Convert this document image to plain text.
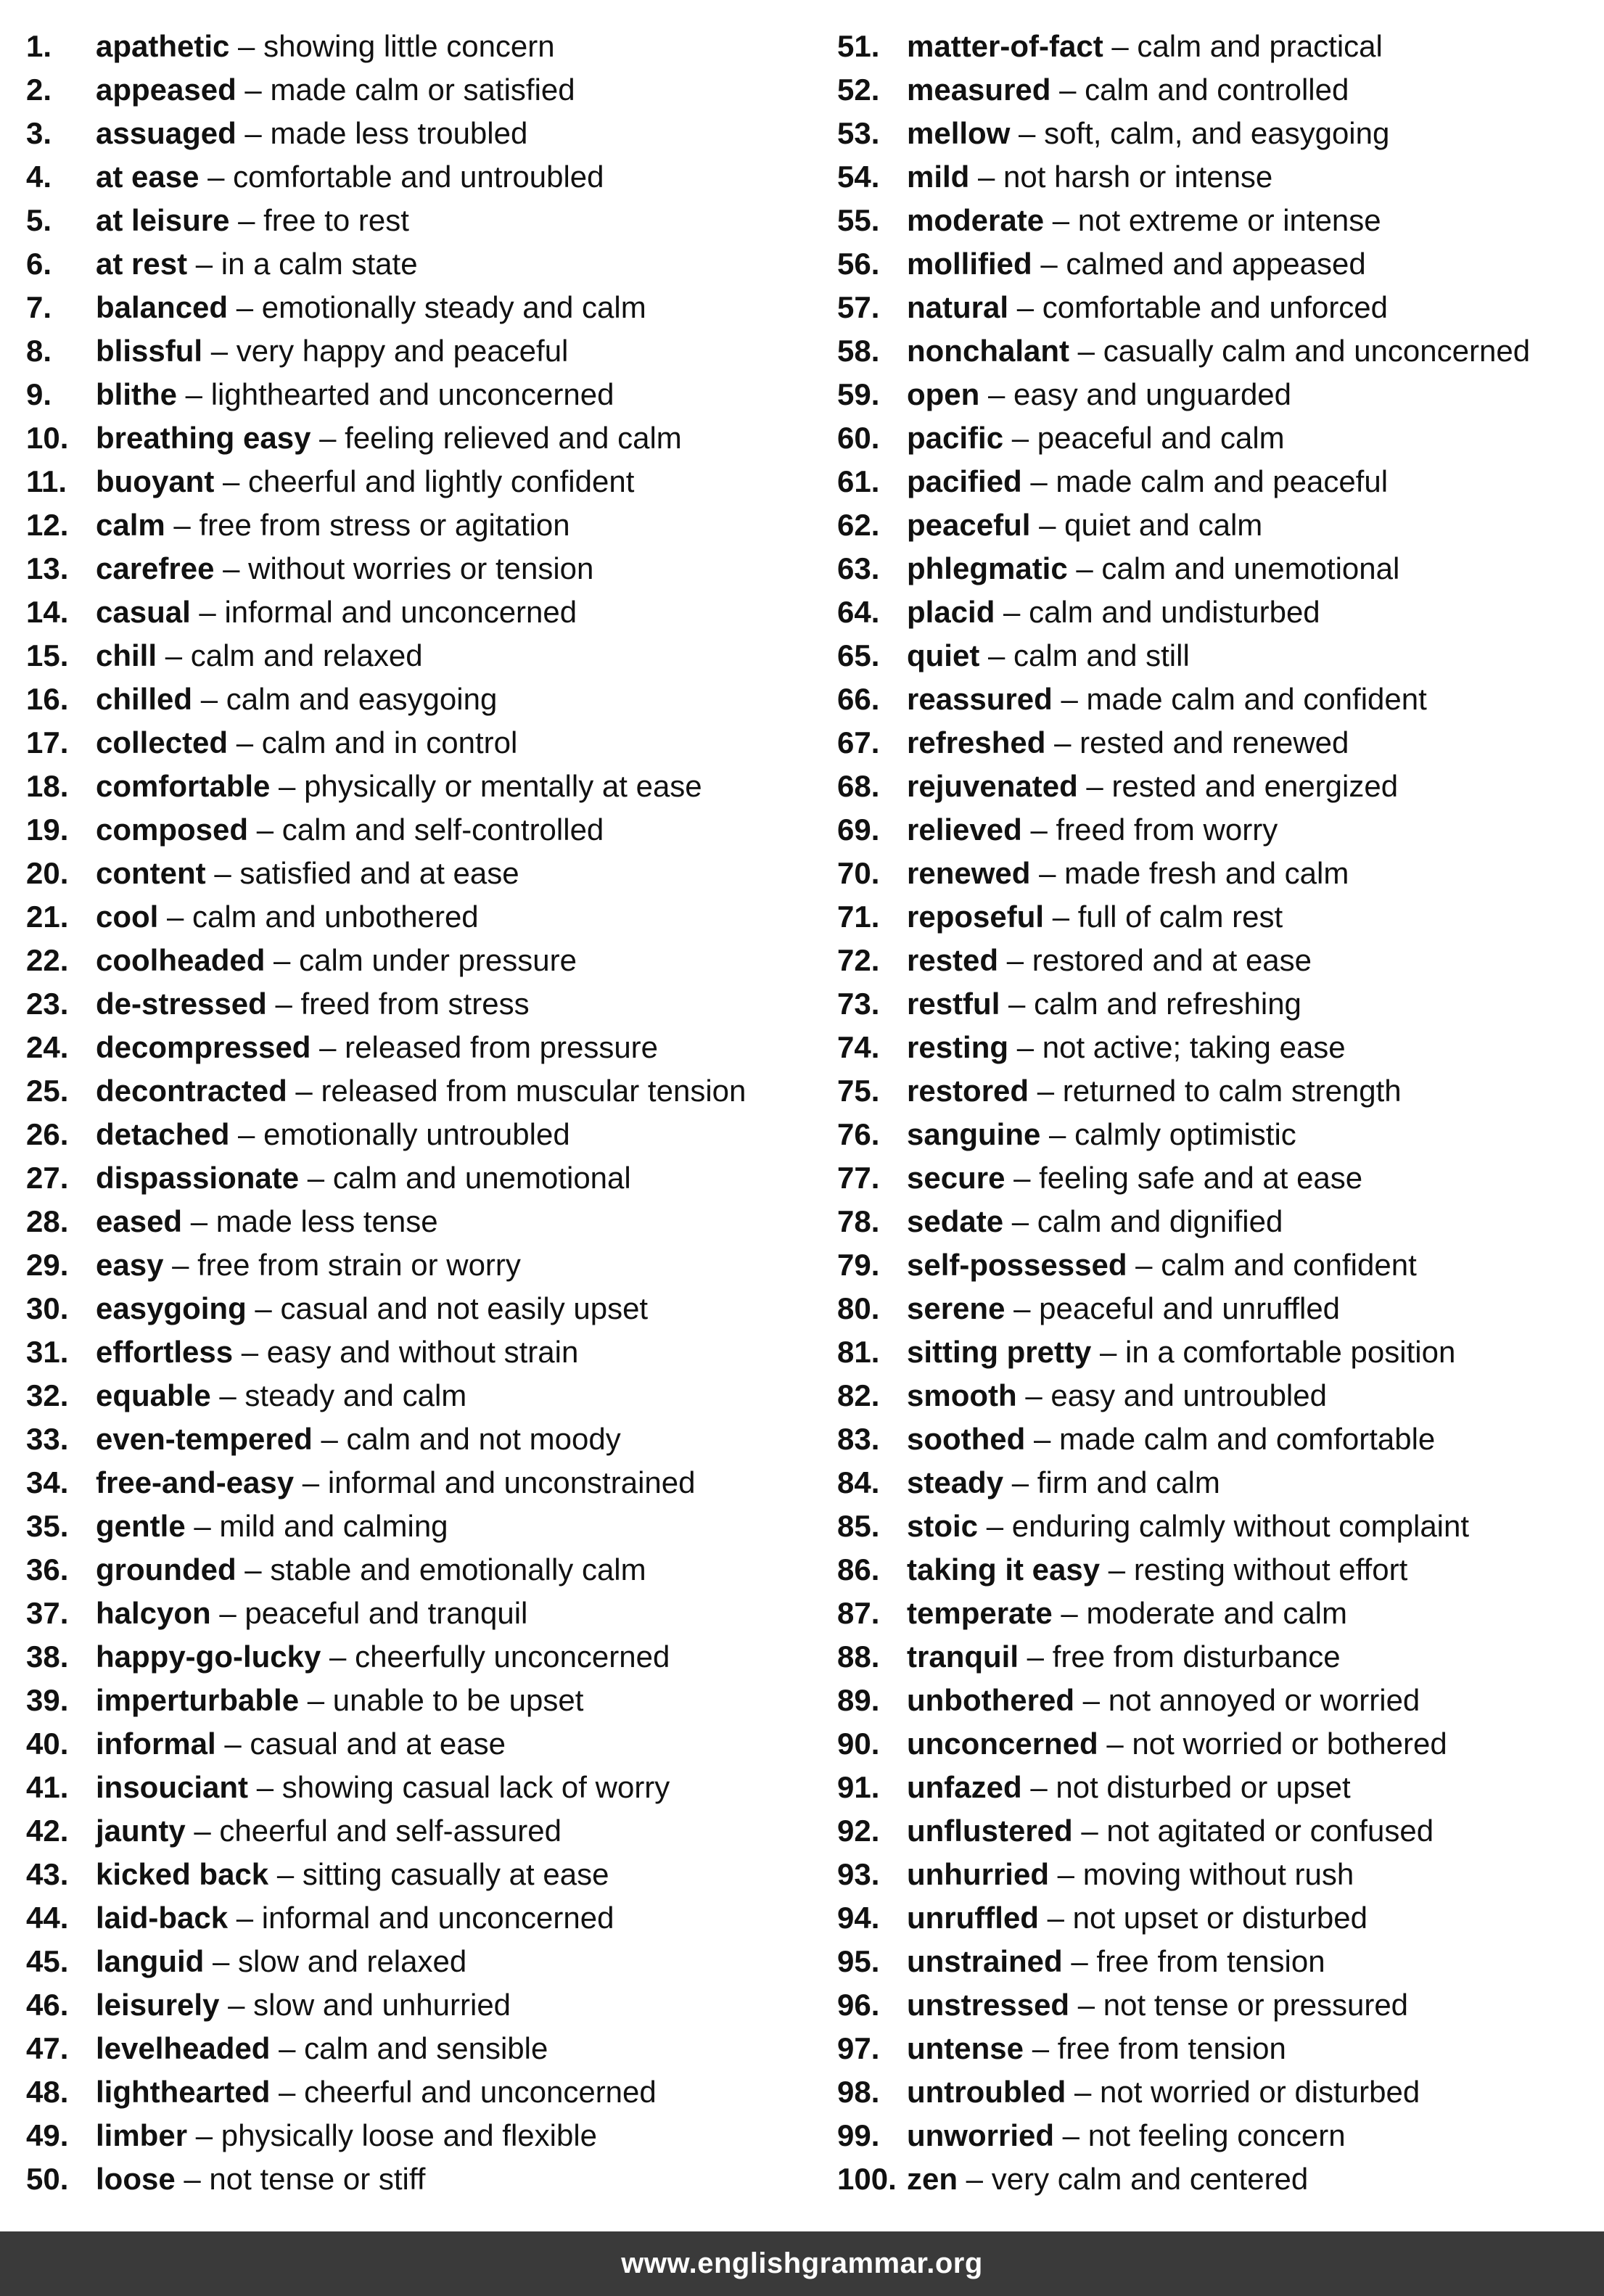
1. apathetic – showing little concern
2. appeased – made calm or satisfied
3. assuaged – made less troubled
4. at ease – comfortable and untroubled
5. at leisure – free to rest
6. at rest – in a calm state
7. balanced – emotionally steady and calm
8. blissful – very happy and peaceful
9. blithe – lighthearted and unconcerned
10. breathing easy – feeling relieved and calm
11. buoyant – cheerful and lightly confident
12. calm – free from stress or agitation
13. carefree – without worries or tension
14. casual – informal and unconcerned
15. chill – calm and relaxed
16. chilled – calm and easygoing
17. collected – calm and in control
18. comfortable – physically or mentally at ease
19. composed – calm and self-controlled
20. content – satisfied and at ease
21. cool – calm and unbothered
22. coolheaded – calm under pressure
23. de-stressed – freed from stress
24. decompressed – released from pressure
25. decontracted – released from muscular tension
26. detached – emotionally untroubled
27. dispassionate – calm and unemotional
28. eased – made less tense
29. easy – free from strain or worry
30. easygoing – casual and not easily upset
31. effortless – easy and without strain
32. equable – steady and calm
33. even-tempered – calm and not moody
34. free-and-easy – informal and unconstrained
35. gentle – mild and calming
36. grounded – stable and emotionally calm
37. halcyon – peaceful and tranquil
38. happy-go-lucky – cheerfully unconcerned
39. imperturbable – unable to be upset
40. informal – casual and at ease
41. insouciant – showing casual lack of worry
42. jaunty – cheerful and self-assured
43. kicked back – sitting casually at ease
44. laid-back – informal and unconcerned
45. languid – slow and relaxed
46. leisurely – slow and unhurried
47. levelheaded – calm and sensible
48. lighthearted – cheerful and unconcerned
49. limber – physically loose and flexible
50. loose – not tense or stiff
51. matter-of-fact – calm and practical
52. measured – calm and controlled
53. mellow – soft, calm, and easygoing
54. mild – not harsh or intense
55. moderate – not extreme or intense
56. mollified – calmed and appeased
57. natural – comfortable and unforced
58. nonchalant – casually calm and unconcerned
59. open – easy and unguarded
60. pacific – peaceful and calm
61. pacified – made calm and peaceful
62. peaceful – quiet and calm
63. phlegmatic – calm and unemotional
64. placid – calm and undisturbed
65. quiet – calm and still
66. reassured – made calm and confident
67. refreshed – rested and renewed
68. rejuvenated – rested and energized
69. relieved – freed from worry
70. renewed – made fresh and calm
71. reposeful – full of calm rest
72. rested – restored and at ease
73. restful – calm and refreshing
74. resting – not active; taking ease
75. restored – returned to calm strength
76. sanguine – calmly optimistic
77. secure – feeling safe and at ease
78. sedate – calm and dignified
79. self-possessed – calm and confident
80. serene – peaceful and unruffled
81. sitting pretty – in a comfortable position
82. smooth – easy and untroubled
83. soothed – made calm and comfortable
84. steady – firm and calm
85. stoic – enduring calmly without complaint
86. taking it easy – resting without effort
87. temperate – moderate and calm
88. tranquil – free from disturbance
89. unbothered – not annoyed or worried
90. unconcerned – not worried or bothered
91. unfazed – not disturbed or upset
92. unflustered – not agitated or confused
93. unhurried – moving without rush
94. unruffled – not upset or disturbed
95. unstrained – free from tension
96. unstressed – not tense or pressured
97. untense – free from tension
98. untroubled – not worried or disturbed
99. unworried – not feeling concern
100. zen – very calm and centered
www.englishgrammar.org
